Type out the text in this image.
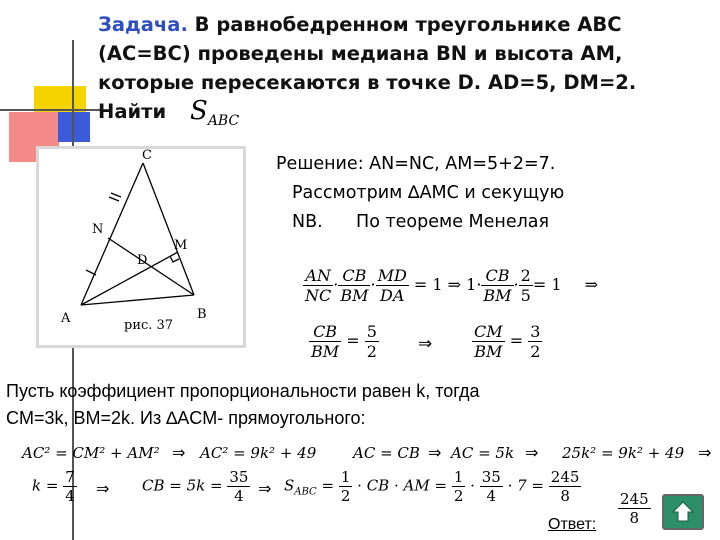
Задача. В равнобедренном треугольнике ABC
(AC=BC) проведены медиана BN и высота AM,
которые пересекаются в точке D. AD=5, DM=2.
Найти $S_{ABC}$
C
N
M
D
A	B
рис. 37
Решение: AN=NC, AM=5+2=7.
Рассмотрим ∆AMC и секущую
NB.      По теореме Менелая
$\frac{AN}{NC} \cdot \frac{CB}{BM} \cdot \frac{MD}{DA} = 1$ ⇒ $1\cdot \frac{CB}{BM} \cdot \frac{2}{5} = 1$ ⇒
$\frac{CB}{BM} = \frac{5}{2}$ ⇒ $\frac{CM}{BM} = \frac{3}{2}$
Пусть коэффициент пропорциональности равен k, тогда
CM=3k, BM=2k. Из ∆ACM- прямоугольного:
AC² = CM² + AM² ⇒ AC² = 9k² + 49 AC = CB ⇒ AC = 5k ⇒ 25k² = 9k² + 49 ⇒
$k = \frac{7}{4}$ ⇒ CB = $5k = \frac{35}{4}$ ⇒ $S_{ABC} = \frac{1}{2}$ · CB · AM = $\frac{1}{2} \cdot \frac{35}{4} \cdot 7 = \frac{245}{8}$
Ответ: $\frac{245}{8}$
